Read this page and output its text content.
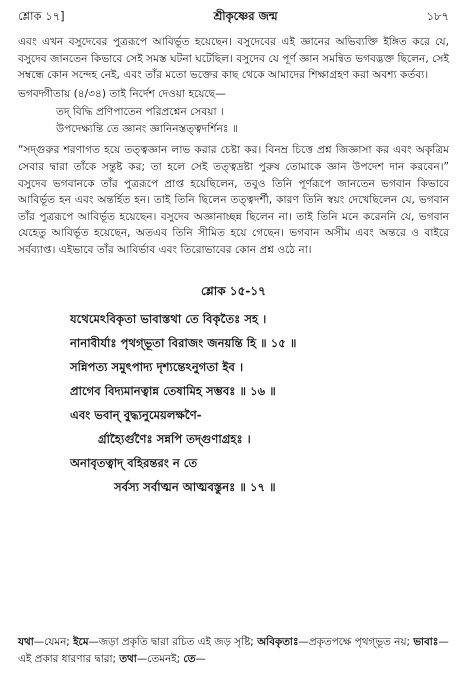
শ্লোক ১৭]	শ্রীকৃষ্ণের জন্ম	১৮৭

এবং এখন বসুদেবের পুত্ররূপে আবির্ভূত হয়েছেন। বসুদেবের এই জ্ঞানের অভিব্যক্তি ইঙ্গিত করে যে, বসুদেব জানতেন কিভাবে সেই সমস্ত ঘটনা ঘটেছিল। বসুদেব যে পূর্ণ জ্ঞান সমন্বিত ভগবদ্ভক্ত ছিলেন, সেই সম্বন্ধে কোন সন্দেহ নেই, এবং তাঁর মতো ভক্তের কাছ থেকে আমাদের শিক্ষাগ্রহণ করা অবশ্য কর্তব্য।

ভগবদ্গীতায় (৪/৩৪) তাই নির্দেশ দেওয়া হয়েছে—

তদ্ বিদ্ধি প্রণিপাতেন পরিপ্রশ্নেন সেবয়া ।
উপদেক্ষ্যন্তি তে জ্ঞানং জ্ঞানিনস্তত্ত্বদর্শিনঃ ॥

“সদ্গুরুর শরণাগত হয়ে তত্ত্বজ্ঞান লাভ করার চেষ্টা কর। বিনম্র চিত্তে প্রশ্ন জিজ্ঞাসা কর এবং অকৃত্রিম সেবার দ্বারা তাঁকে সন্তুষ্ট কর; তা হলে সেই তত্ত্বদ্রষ্টা পুরুষ তোমাকে জ্ঞান উপদেশ দান করবেন।” বসুদেব ভগবানকে তাঁর পুত্ররূপে প্রাপ্ত হয়েছিলেন, তবুও তিনি পূর্ণরূপে জানতেন ভগবান কিভাবে আবির্ভূত হন এবং অন্তর্হিত হন। তাই তিনি ছিলেন তত্ত্বদর্শী, কারণ তিনি স্বয়ং দেখেছিলেন যে, ভগবান তাঁর পুত্ররূপে আবির্ভূত হয়েছেন। বসুদেব অজ্ঞানাচ্ছন্ন ছিলেন না। তাই তিনি মনে করেননি যে, ভগবান যেহেতু আবির্ভূত হয়েছেন, অতএব তিনি সীমিত হয়ে গেছেন। ভগবান অসীম এবং অন্তরে ও বাইরে সর্বব্যাপ্ত। এইভাবে তাঁর আবির্ভাব এবং তিরোভাবের কোন প্রশ্ন ওঠে না।

শ্লোক ১৫-১৭
যথেমেঽবিকৃতা ভাবাস্তথা তে বিকৃতৈঃ সহ ।
নানাবীর্যাঃ পৃথগ্ভূতা বিরাজং জনয়ন্তি হি ॥ ১৫ ॥
সন্নিপত্য সমুৎপাদ্য দৃশ্যন্তেঽনুগতা ইব ।
প্রাগেব বিদ্যমানত্বান্ন তেষামিহ সম্ভবঃ ॥ ১৬ ॥
এবং ভবান্ বুদ্ধ্যনুমেয়লক্ষণৈ-
র্গ্রাহ্যৈর্গুণৈঃ সন্নপি তদ্গুণাগ্রহঃ ।
অনাবৃতত্বাদ্ বহিরন্তরং ন তে
সর্বস্য সর্বাত্মন আত্মবস্তুনঃ ॥ ১৭ ॥
যথা—যেমন; ইমে—জড়া প্রকৃতি দ্বারা রচিত এই জড় সৃষ্টি; অবিকৃতাঃ—প্রকৃতপক্ষে পৃথগ্ভূত নয়; ভাবাঃ—এই প্রকার ধারণার দ্বারা; তথা—তেমনই; তে—
